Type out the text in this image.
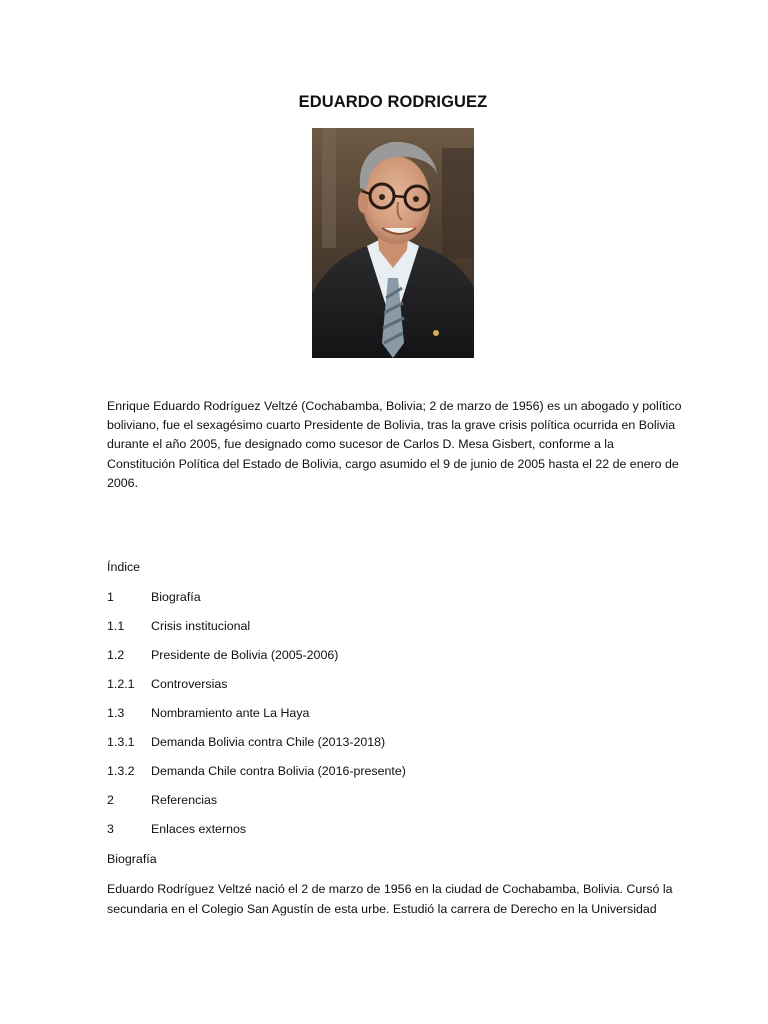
EDUARDO RODRIGUEZ
Enrique Eduardo Rodríguez Veltzé (Cochabamba, Bolivia; 2 de marzo de 1956) es un abogado y político boliviano, fue el sexagésimo cuarto Presidente de Bolivia, tras la grave crisis política ocurrida en Bolivia durante el año 2005, fue designado como sucesor de Carlos D. Mesa Gisbert, conforme a la Constitución Política del Estado de Bolivia, cargo asumido el 9 de junio de 2005 hasta el 22 de enero de 2006.
Índice
1	Biografía
1.1	Crisis institucional
1.2	Presidente de Bolivia (2005-2006)
1.2.1	Controversias
1.3	Nombramiento ante La Haya
1.3.1	Demanda Bolivia contra Chile (2013-2018)
1.3.2	Demanda Chile contra Bolivia (2016-presente)
2	Referencias
3	Enlaces externos
Biografía
Eduardo Rodríguez Veltzé nació el 2 de marzo de 1956 en la ciudad de Cochabamba, Bolivia. Cursó la secundaria en el Colegio San Agustín de esta urbe. Estudió la carrera de Derecho en la Universidad
